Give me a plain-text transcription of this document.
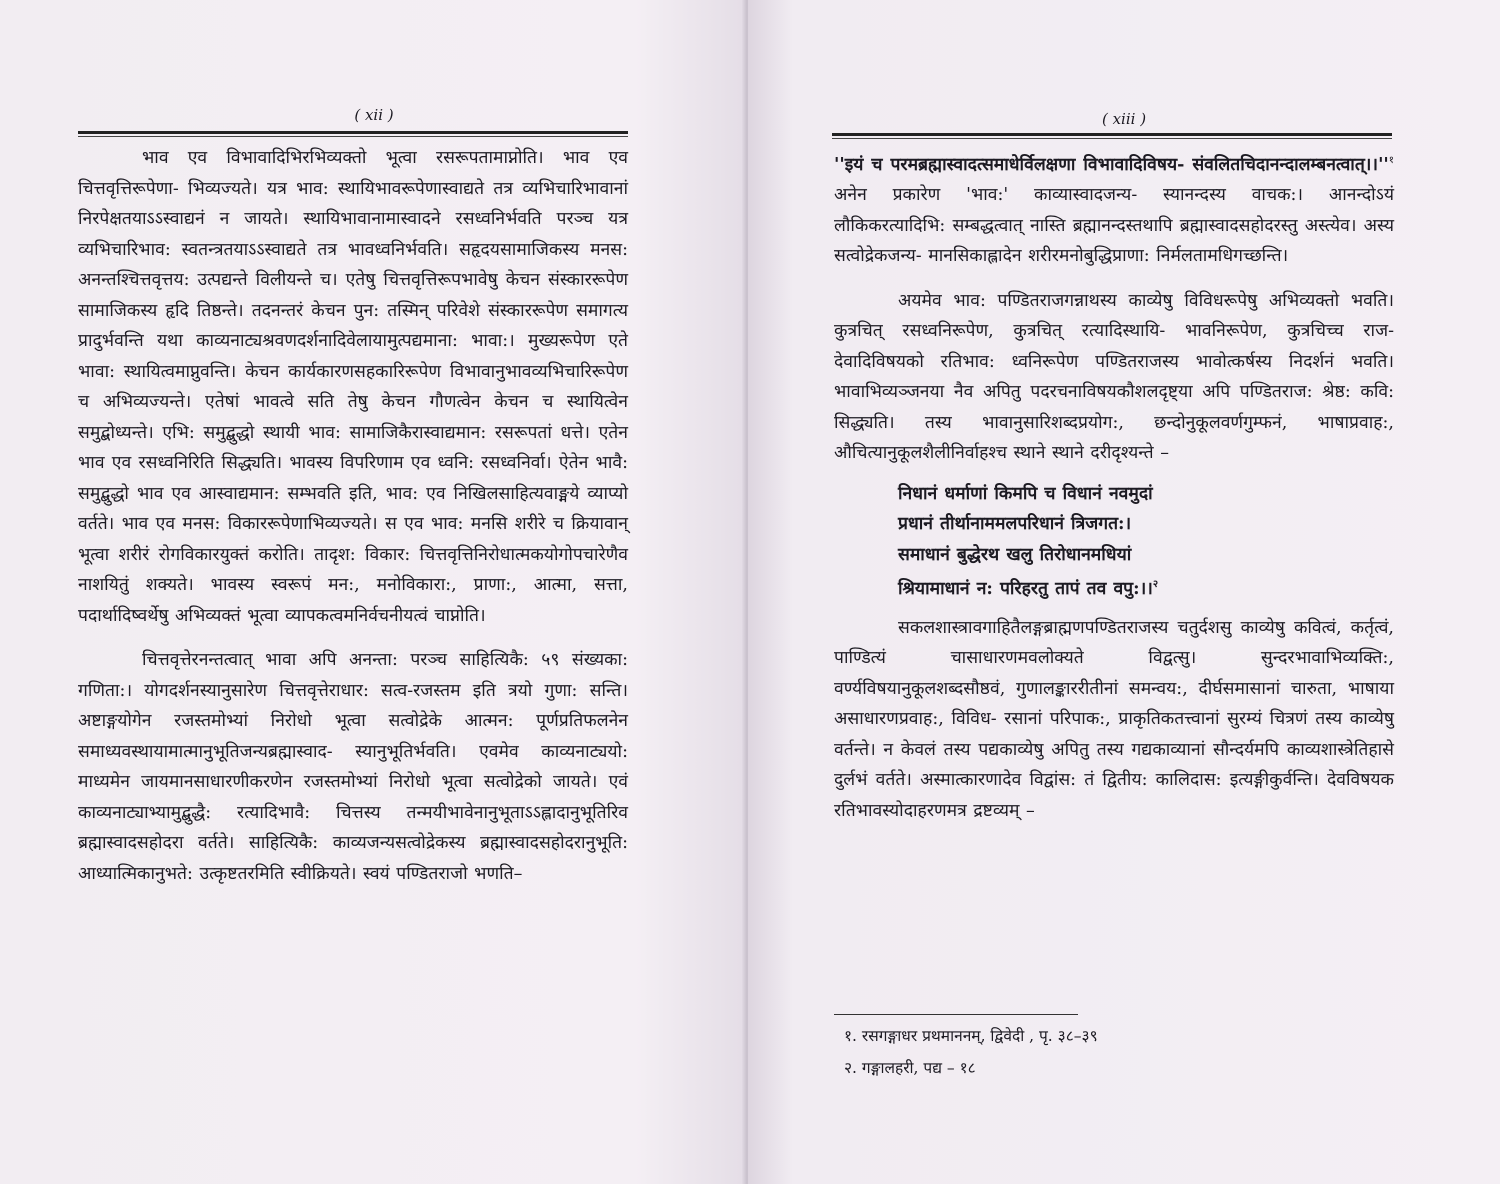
( xii )

भाव एव विभावादिभिरभिव्यक्तो भूत्वा रसरूपतामाप्नोति। भाव एव चित्तवृत्तिरूपेणा- भिव्यज्यते। यत्र भाव: स्थायिभावरूपेणास्वाद्यते तत्र व्यभिचारिभावानां निरपेक्षतयाऽऽस्वाद्यनं न जायते। स्थायिभावानामास्वादने रसध्वनिर्भवति परञ्च यत्र व्यभिचारिभाव: स्वतन्त्रतयाऽऽस्वाद्यते तत्र भावध्वनिर्भवति। सहृदयसामाजिकस्य मनस: अनन्तश्चित्तवृत्तय: उत्पद्यन्ते विलीयन्ते च। एतेषु चित्तवृत्तिरूपभावेषु केचन संस्काररूपेण सामाजिकस्य हृदि तिष्ठन्ते। तदनन्तरं केचन पुन: तस्मिन् परिवेशे संस्काररूपेण समागत्य प्रादुर्भवन्ति यथा काव्यनाट्यश्रवणदर्शनादिवेलायामुत्पद्यमाना: भावा:। मुख्यरूपेण एते भावा: स्थायित्वमाप्नुवन्ति। केचन कार्यकारणसहकारिरूपेण विभावानुभावव्यभिचारिरूपेण च अभिव्यज्यन्ते। एतेषां भावत्वे सति तेषु केचन गौणत्वेन केचन च स्थायित्वेन समुद्बोध्यन्ते। एभि: समुद्बुद्धो स्थायी भाव: सामाजिकैरास्वाद्यमान: रसरूपतां धत्ते। एतेन भाव एव रसध्वनिरिति सिद्ध्यति। भावस्य विपरिणाम एव ध्वनि: रसध्वनिर्वा। ऐतेन भावै: समुद्बुद्धो भाव एव आस्वाद्यमान: सम्भवति इति, भाव: एव निखिलसाहित्यवाङ्मये व्याप्यो वर्तते। भाव एव मनस: विकाररूपेणाभिव्यज्यते। स एव भाव: मनसि शरीरे च क्रियावान् भूत्वा शरीरं रोगविकारयुक्तं करोति। तादृश: विकार: चित्तवृत्तिनिरोधात्मकयोगोपचारेणैव नाशयितुं शक्यते। भावस्य स्वरूपं मन:, मनोविकारा:, प्राणा:, आत्मा, सत्ता, पदार्थादिष्वर्थेषु अभिव्यक्तं भूत्वा व्यापकत्वमनिर्वचनीयत्वं चाप्नोति।

चित्तवृत्तेरनन्तत्वात् भावा अपि अनन्ता: परञ्च साहित्यिकै: ५९ संख्यका: गणिता:। योगदर्शनस्यानुसारेण चित्तवृत्तेराधार: सत्व-रजस्तम इति त्रयो गुणा: सन्ति। अष्टाङ्गयोगेन रजस्तमोभ्यां निरोधो भूत्वा सत्वोद्रेके आत्मन: पूर्णप्रतिफलनेन समाध्यवस्थायामात्मानुभूतिजन्यब्रह्मास्वाद- स्यानुभूतिर्भवति। एवमेव काव्यनाट्ययो: माध्यमेन जायमानसाधारणीकरणेन रजस्तमोभ्यां निरोधो भूत्वा सत्वोद्रेको जायते। एवं काव्यनाट्याभ्यामुद्बुद्धै: रत्यादिभावै: चित्तस्य तन्मयीभावेनानुभूताऽऽह्लादानुभूतिरिव ब्रह्मास्वादसहोदरा वर्तते। साहित्यिकै: काव्यजन्यसत्वोद्रेकस्य ब्रह्मास्वादसहोदरानुभूति: आध्यात्मिकानुभते: उत्कृष्टतरमिति स्वीक्रियते। स्वयं पण्डितराजो भणति–

( xiii )

''इयं च परमब्रह्मास्वादत्समाधेर्विलक्षणा विभावादिविषय- $संवलितचिदानन्दालम्बनत्वात्।।''^१$ अनेन प्रकारेण 'भाव:' काव्यास्वादजन्य- स्यानन्दस्य वाचक:। आनन्दोऽयं लौकिकरत्यादिभि: सम्बद्धत्वात् नास्ति ब्रह्मानन्दस्तथापि ब्रह्मास्वादसहोदरस्तु अस्त्येव। अस्य सत्वोद्रेकजन्य- मानसिकाह्लादेन शरीरमनोबुद्धिप्राणा: निर्मलतामधिगच्छन्ति।

अयमेव भाव: पण्डितराजगन्नाथस्य काव्येषु विविधरूपेषु अभिव्यक्तो भवति। कुत्रचित् रसध्वनिरूपेण, कुत्रचित् रत्यादिस्थायि- भावनिरूपेण, कुत्रचिच्च राज-देवादिविषयको रतिभाव: ध्वनिरूपेण पण्डितराजस्य भावोत्कर्षस्य निदर्शनं भवति। भावाभिव्यञ्जनया नैव अपितु पदरचनाविषयकौशलदृष्ट्या अपि पण्डितराज: श्रेष्ठ: कवि: सिद्ध्यति। तस्य भावानुसारिशब्दप्रयोग:, छन्दोनुकूलवर्णगुम्फनं, भाषाप्रवाह:, औचित्यानुकूलशैलीनिर्वाहश्च स्थाने स्थाने दरीदृश्यन्ते –

निधानं धर्माणां किमपि च विधानं नवमुदां
प्रधानं तीर्थानाममलपरिधानं त्रिजगत:।
समाधानं बुद्धेरथ खलु तिरोधानमधियां
श्रियामाधानं न: परिहरतु तापं तव वपु:।।$^२$

सकलशास्त्रावगाहितैलङ्गब्राह्मणपण्डितराजस्य चतुर्दशसु काव्येषु कवित्वं, कर्तृत्वं, पाण्डित्यं चासाधारणमवलोक्यते विद्वत्सु। सुन्दरभावाभिव्यक्ति:, वर्ण्यविषयानुकूलशब्दसौष्ठवं, गुणालङ्काररीतीनां समन्वय:, दीर्घसमासानां चारुता, भाषाया असाधारणप्रवाह:, विविध- रसानां परिपाक:, प्राकृतिकतत्त्वानां सुरम्यं चित्रणं तस्य काव्येषु वर्तन्ते। न केवलं तस्य पद्यकाव्येषु अपितु तस्य गद्यकाव्यानां सौन्दर्यमपि काव्यशास्त्रेतिहासे दुर्लभं वर्तते। अस्मात्कारणादेव विद्वांस: तं द्वितीय: कालिदास: इत्यङ्गीकुर्वन्ति। देवविषयक रतिभावस्योदाहरणमत्र द्रष्टव्यम् –

१. रसगङ्गाधर प्रथमाननम्, द्विवेदी , पृ. ३८–३९
२. गङ्गालहरी, पद्य – १८
